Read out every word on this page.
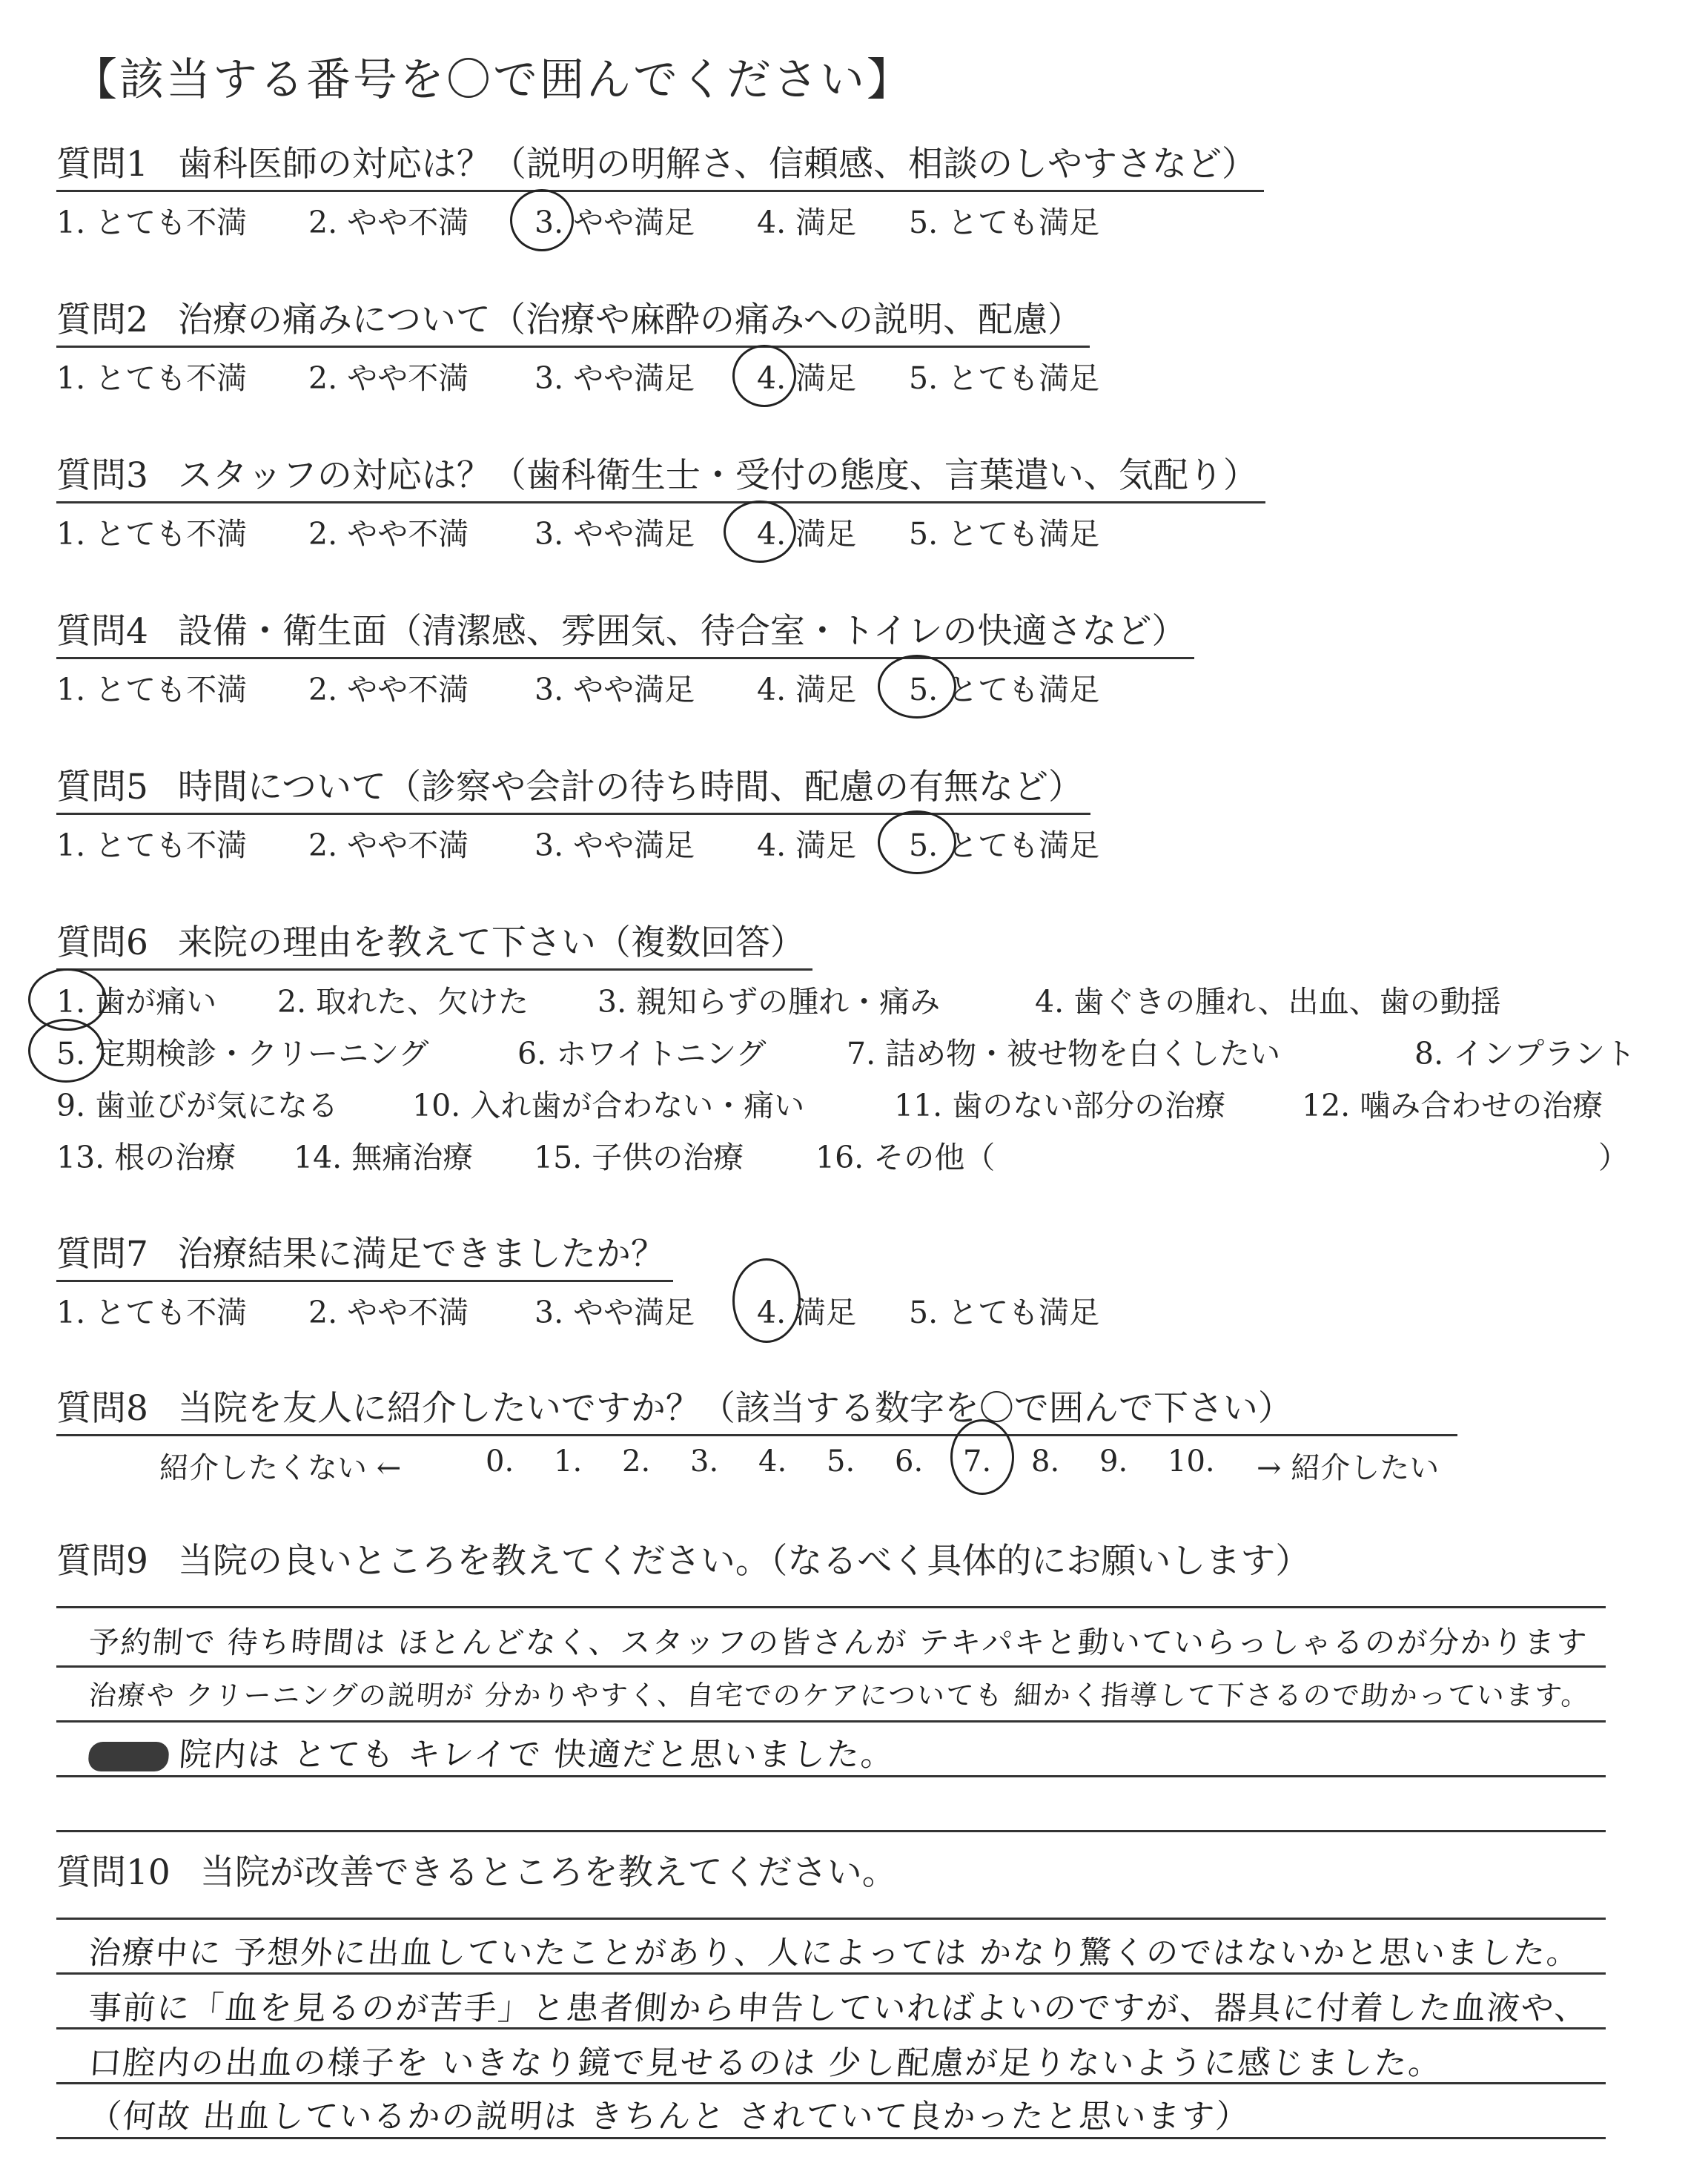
【該当する番号を〇で囲んでください】
質問1 歯科医師の対応は？（説明の明解さ、信頼感、相談のしやすさなど）
1. とても不満 2. やや不満 3. やや満足 4. 満足 5. とても満足
質問2 治療の痛みについて（治療や麻酔の痛みへの説明、配慮）
1. とても不満 2. やや不満 3. やや満足 4. 満足 5. とても満足
質問3 スタッフの対応は？（歯科衛生士・受付の態度、言葉遣い、気配り）
1. とても不満 2. やや不満 3. やや満足 4. 満足 5. とても満足
質問4 設備・衛生面（清潔感、雰囲気、待合室・トイレの快適さなど）
1. とても不満 2. やや不満 3. やや満足 4. 満足 5. とても満足
質問5 時間について（診察や会計の待ち時間、配慮の有無など）
1. とても不満 2. やや不満 3. やや満足 4. 満足 5. とても満足
質問6 来院の理由を教えて下さい（複数回答）
1. 歯が痛い 2. 取れた、欠けた 3. 親知らずの腫れ・痛み	4. 歯ぐきの腫れ、出血、歯の動揺
5. 定期検診・クリーニング	6. ホワイトニング	7. 詰め物・被せ物を白くしたい	8. インプラント
9. 歯並びが気になる 10. 入れ歯が合わない・痛い	11. 歯のない部分の治療	12. 噛み合わせの治療
13. 根の治療 14. 無痛治療 15. 子供の治療 16. その他（	）
質問7 治療結果に満足できましたか？
1. とても不満 2. やや不満 3. やや満足 4. 満足 5. とても満足
質問8 当院を友人に紹介したいですか？（該当する数字を〇で囲んで下さい）
紹介したくない ←	0. 1. 2. 3. 4. 5. 6. 7. 8. 9. 10. → 紹介したい
質問9 当院の良いところを教えてください。（なるべく具体的にお願いします）
予約制で 待ち時間は ほとんどなく、スタッフの皆さんが テキパキと動いていらっしゃるのが分かります
治療や クリーニングの説明が 分かりやすく、自宅でのケアについても 細かく指導して下さるので助かっています。
院内は とても キレイで 快適だと思いました。
質問10 当院が改善できるところを教えてください。
治療中に 予想外に出血していたことがあり、人によっては かなり驚くのではないかと思いました。
事前に「血を見るのが苦手」と患者側から申告していればよいのですが、器具に付着した血液や、
口腔内の出血の様子を いきなり鏡で見せるのは 少し配慮が足りないように感じました。
（何故 出血しているかの説明は きちんと されていて良かったと思います）
